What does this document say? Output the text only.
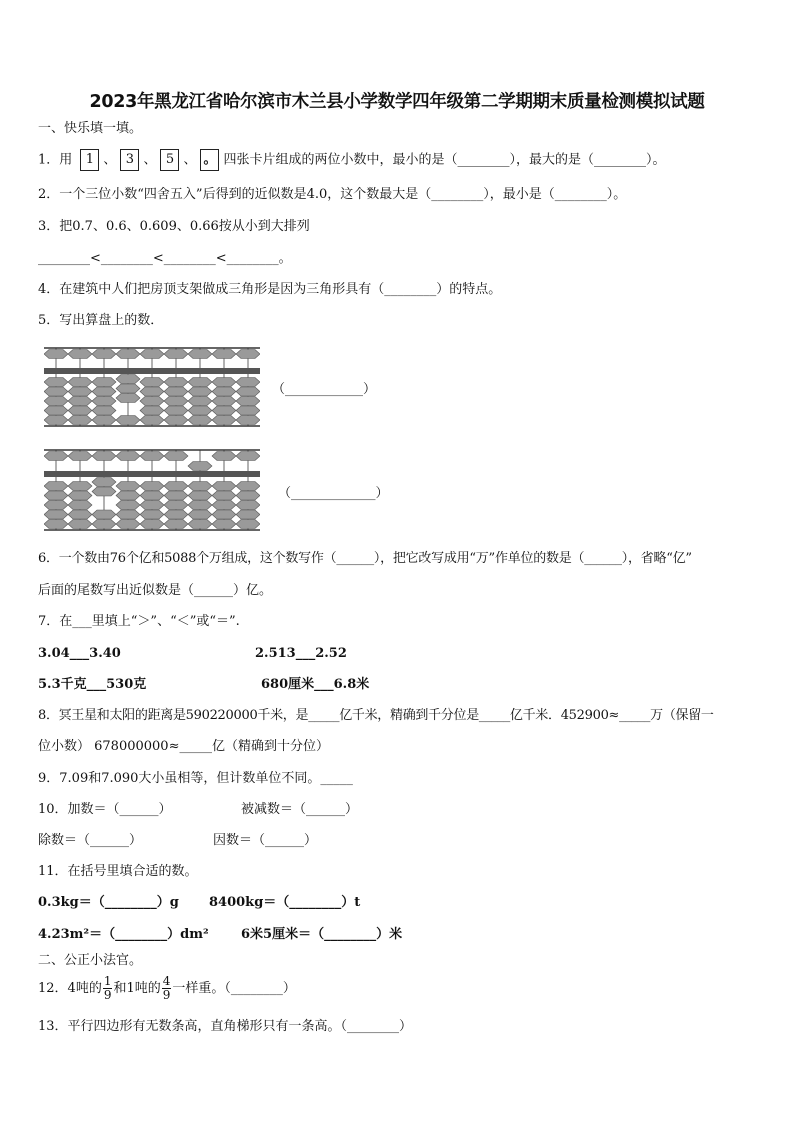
2023年黑龙江省哈尔滨市木兰县小学数学四年级第二学期期末质量检测模拟试题
一、快乐填一填。
1．用 1 、 3 、 5 、 。 四张卡片组成的两位小数中，最小的是（________），最大的是（________）。
2．一个三位小数“四舍五入”后得到的近似数是4.0，这个数最大是（________），最小是（________）。
3．把0.7、0.6、0.609、0.66按从小到大排列
________<________<________<________。
4．在建筑中人们把房顶支架做成三角形是因为三角形具有（________）的特点。
5．写出算盘上的数．
（____________）
（_____________）
6．一个数由76个亿和5088个万组成，这个数写作（______），把它改写成用“万”作单位的数是（______），省略“亿”
后面的尾数写出近似数是（______）亿。
7．在___里填上“＞”、“＜”或“＝”.
3.04___3.40	2.513___2.52
5.3千克___530克	680厘米___6.8米
8．冥王星和太阳的距离是590220000千米，是_____亿千米，精确到千分位是_____亿千米．452900≈_____万（保留一
位小数） 678000000≈_____亿（精确到十分位）
9．7.09和7.090大小虽相等，但计数单位不同。_____
10．加数＝（______）	被减数＝（______）
除数＝（______）	因数＝（______）
11．在括号里填合适的数。
0.3kg＝（________）g 8400kg＝（________）t
4.23m²＝（________）dm² 6米5厘米＝（________）米
二、公正小法官。
12．4吨的 $\frac{1}{9}$ 和1吨的 $\frac{4}{9}$ 一样重。（________）
13．平行四边形有无数条高，直角梯形只有一条高。（________）
